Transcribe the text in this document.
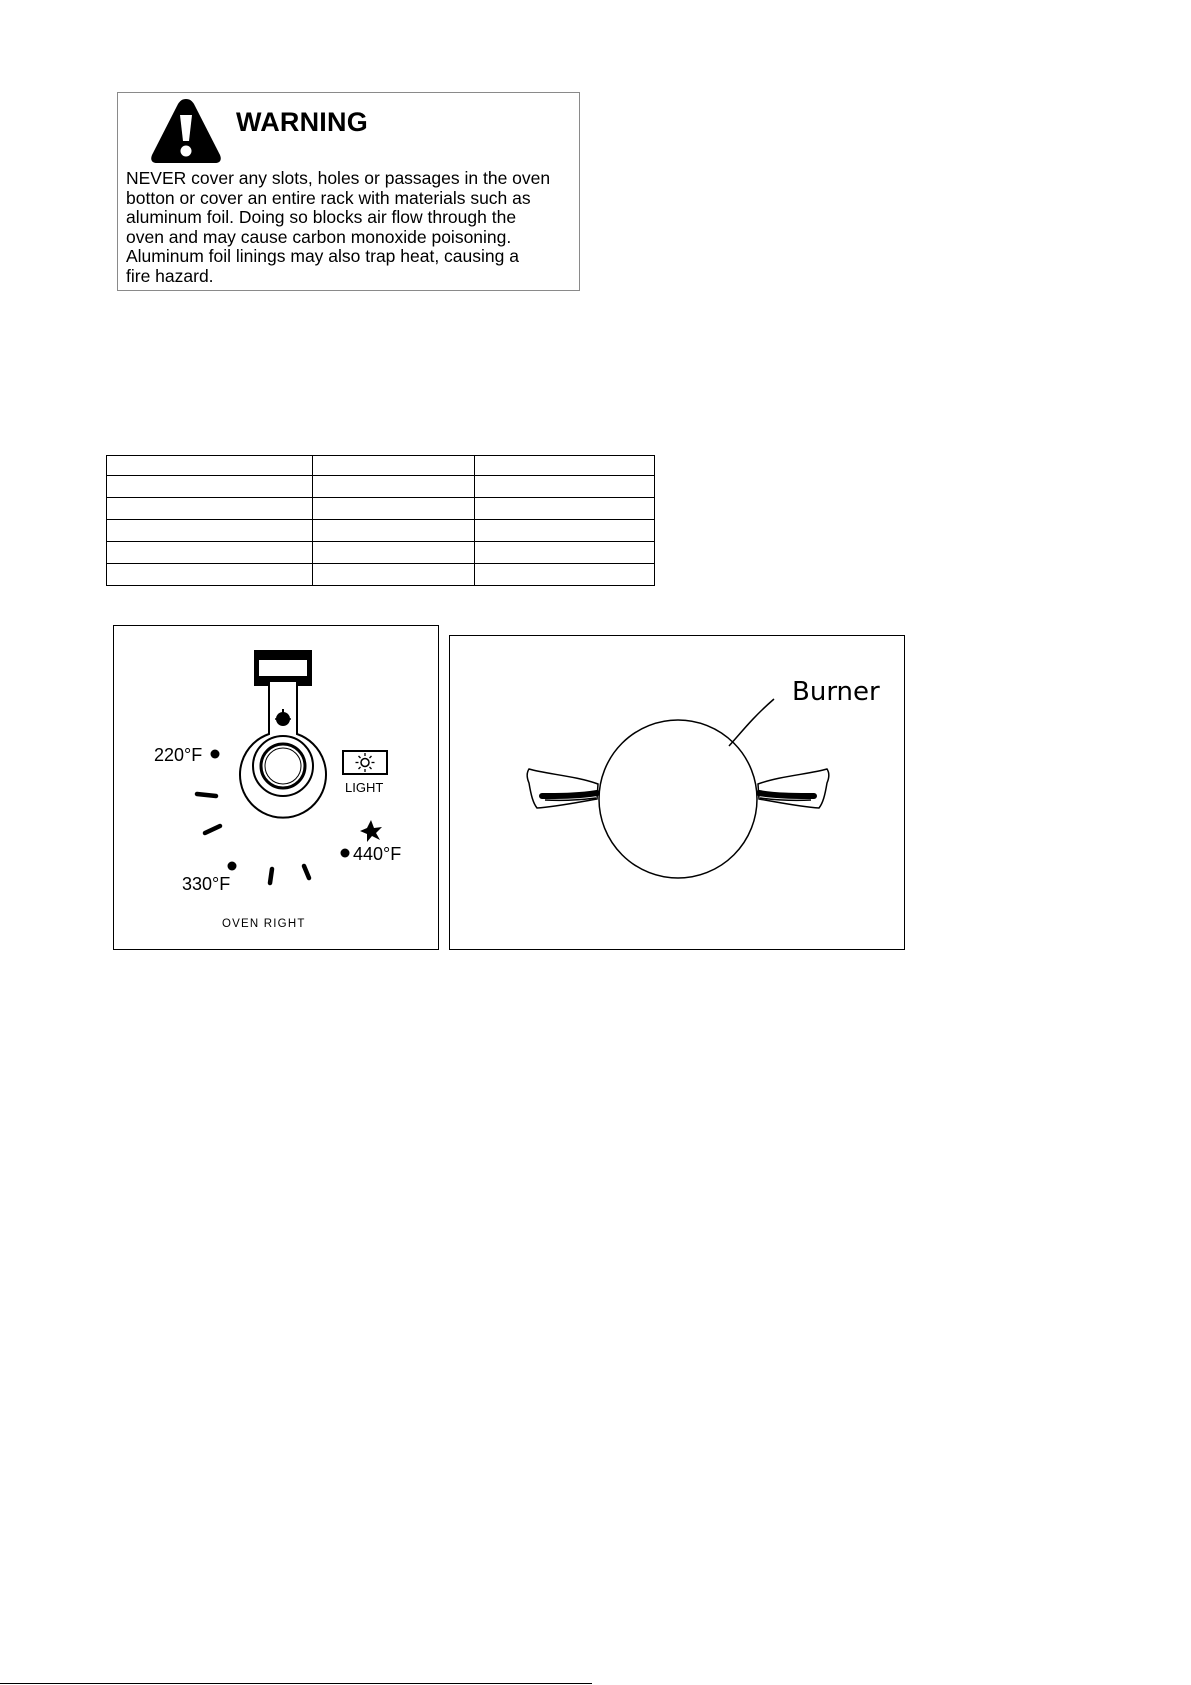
WARNING
NEVER cover any slots, holes or passages in the oven
botton or cover an entire rack with materials such as
aluminum foil. Doing so blocks air flow through the
oven and may cause carbon monoxide poisoning.
Aluminum foil linings may also trap heat, causing a
fire hazard.

LIGHT
220°F
330°F
440°F
OVEN RIGHT
Burner
